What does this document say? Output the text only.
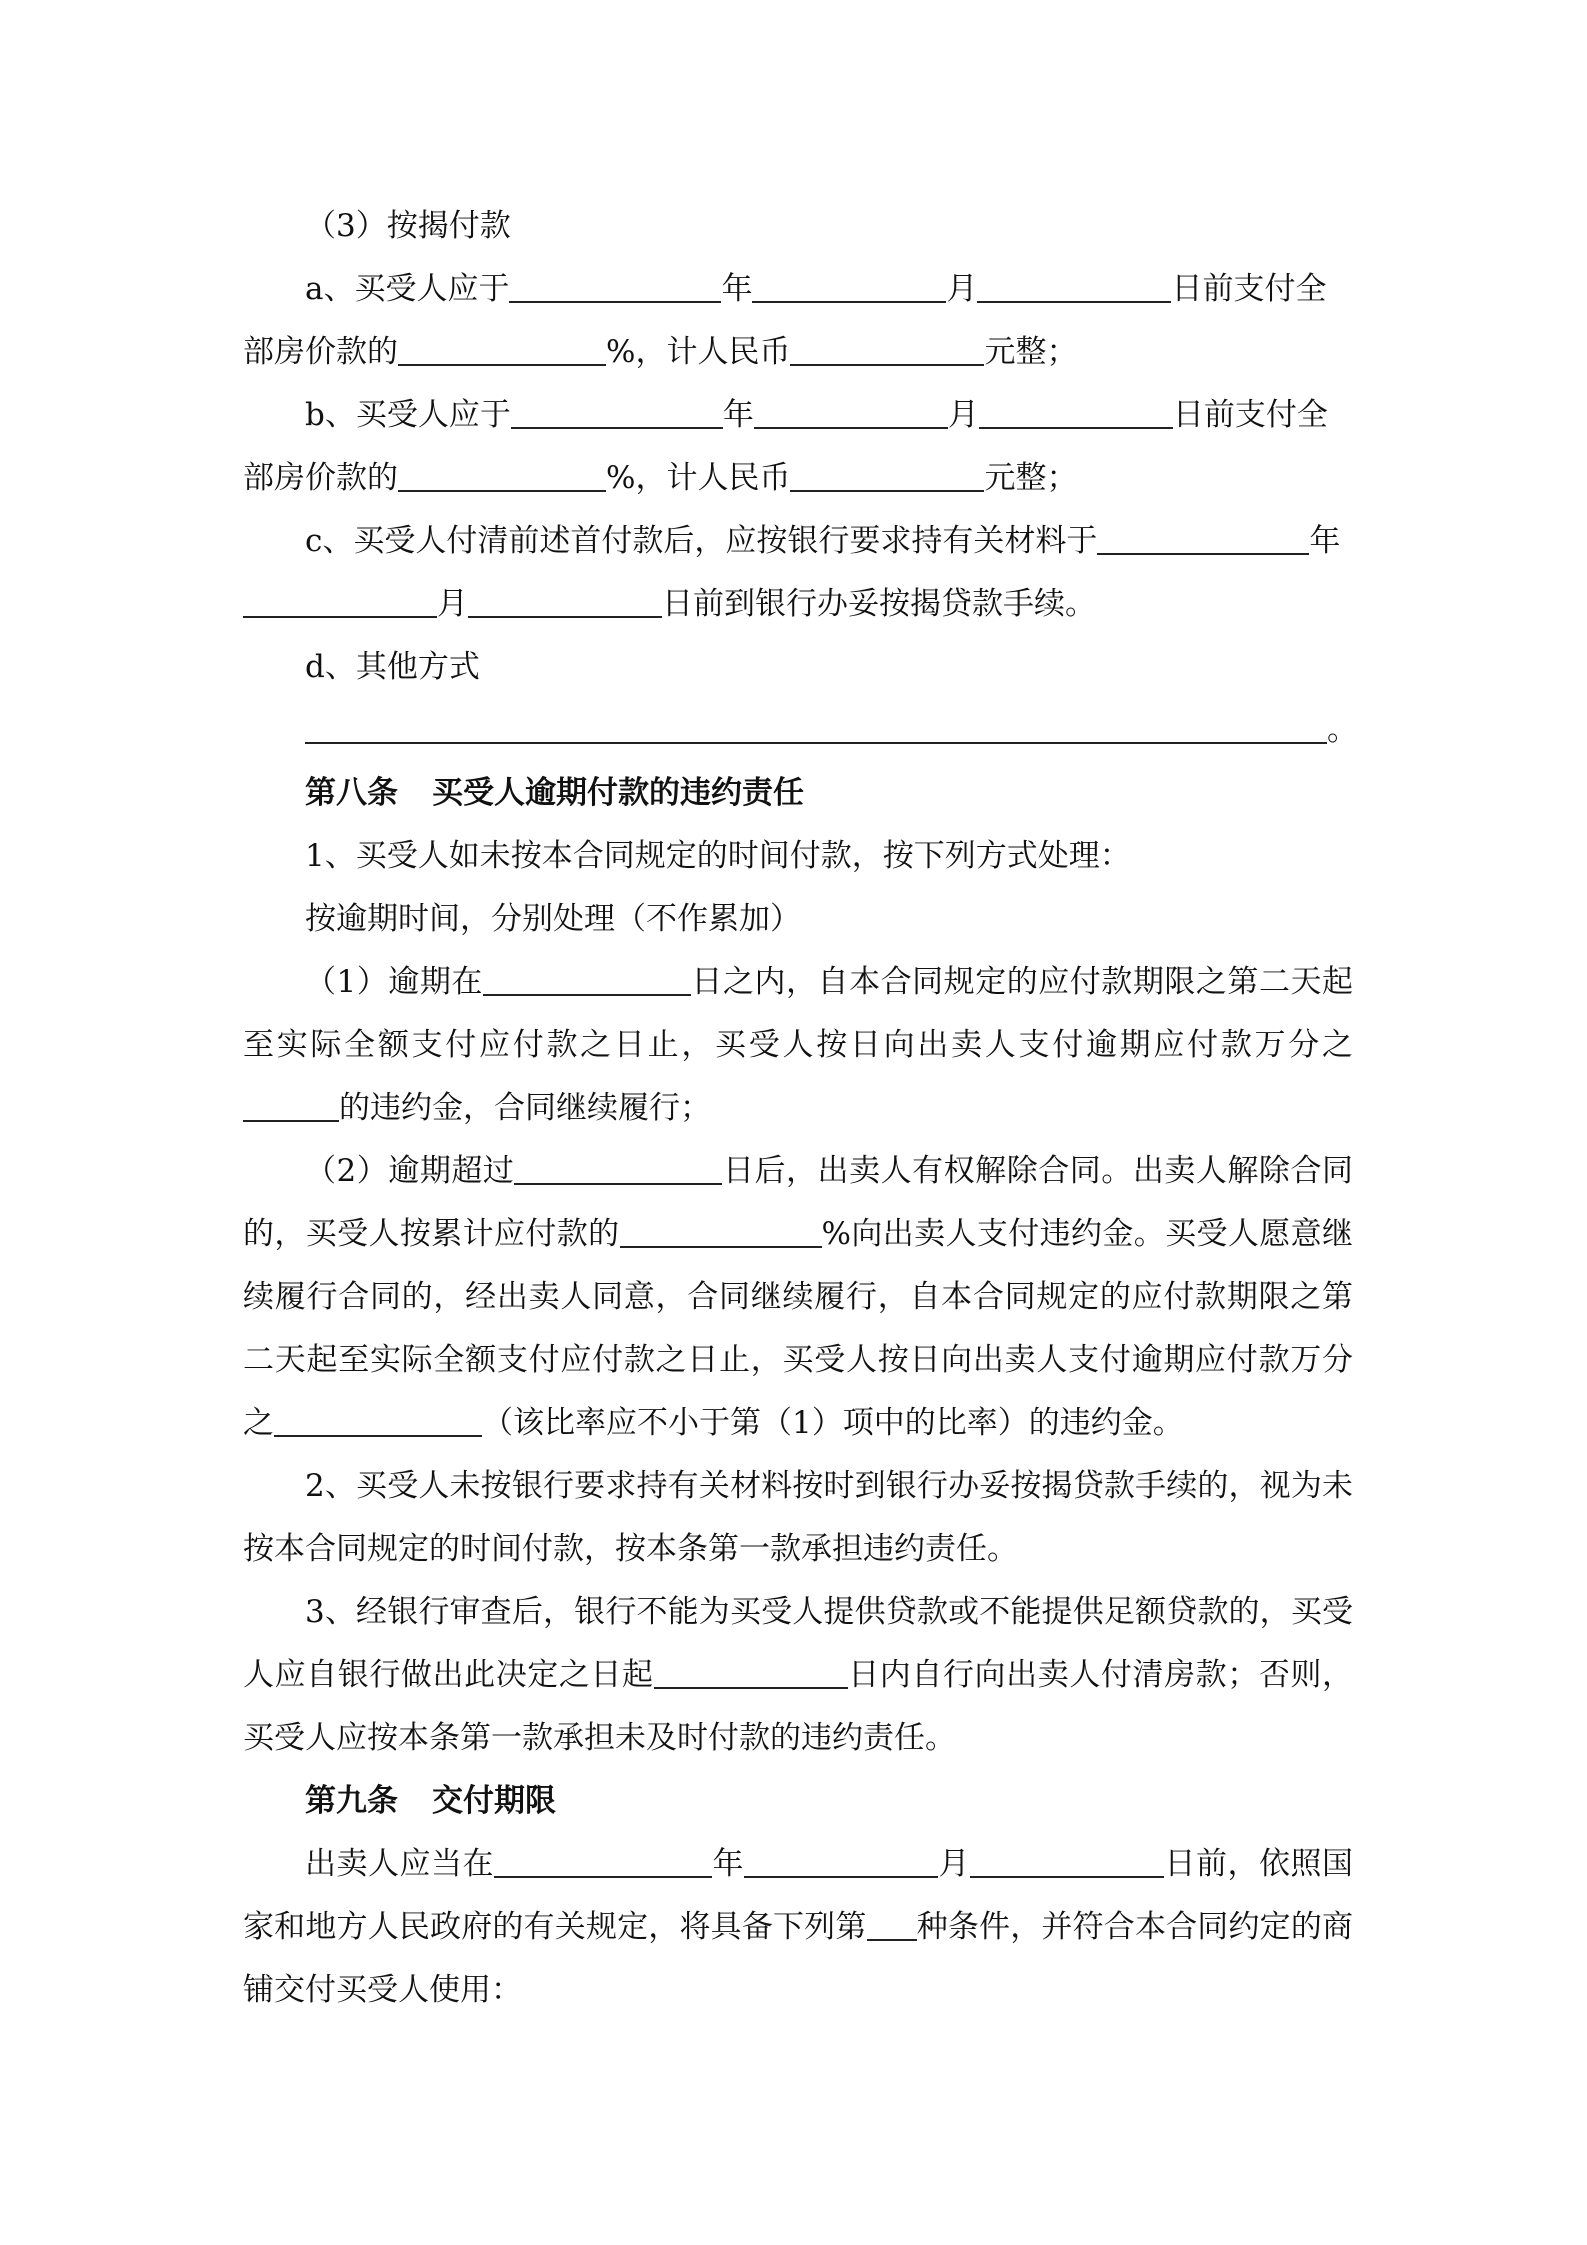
（3）按揭付款

a、买受人应于	年	月	日前支付全

部房价款的	%，计人民币	元整；

b、买受人应于	年	月	日前支付全

部房价款的	%，计人民币	元整；

c、买受人付清前述首付款后，应按银行要求持有关材料于	年

月	日前到银行办妥按揭贷款手续。

d、其他方式

。

第八条 买受人逾期付款的违约责任

1、买受人如未按本合同规定的时间付款，按下列方式处理：

按逾期时间，分别处理（不作累加）

（1）逾期在	日之内，自本合同规定的应付款期限之第二天起至实际全额支付应付款之日止，买受人按日向出卖人支付逾期应付款万分之的违约金，合同继续履行；

（2）逾期超过	日后，出卖人有权解除合同。出卖人解除合同的，买受人按累计应付款的	%向出卖人支付违约金。买受人愿意继续履行合同的，经出卖人同意，合同继续履行，自本合同规定的应付款期限之第二天起至实际全额支付应付款之日止，买受人按日向出卖人支付逾期应付款万分之	（该比率应不小于第（1）项中的比率）的违约金。

2、买受人未按银行要求持有关材料按时到银行办妥按揭贷款手续的，视为未按本合同规定的时间付款，按本条第一款承担违约责任。

3、经银行审查后，银行不能为买受人提供贷款或不能提供足额贷款的，买受人应自银行做出此决定之日起	日内自行向出卖人付清房款；否则，买受人应按本条第一款承担未及时付款的违约责任。

第九条 交付期限

出卖人应当在	年	月	日前，依照国家和地方人民政府的有关规定，将具备下列第 种条件，并符合本合同约定的商铺交付买受人使用：
